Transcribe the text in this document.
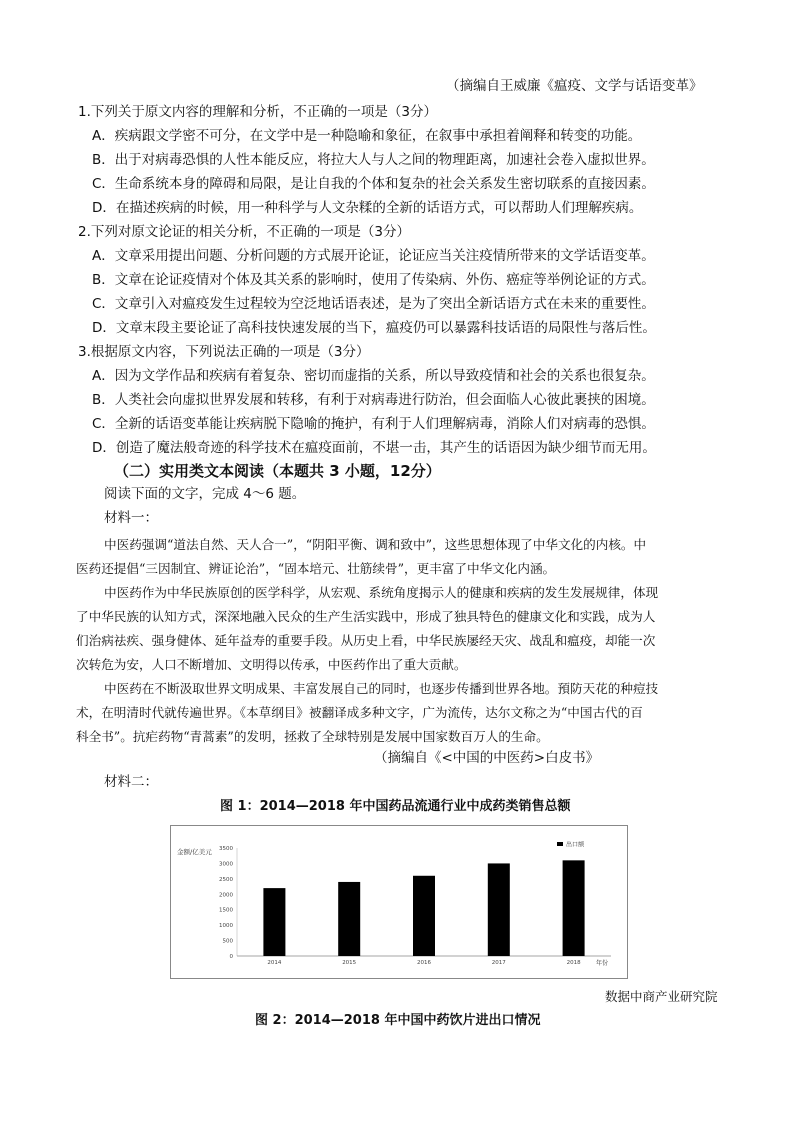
（摘编自王威廉《瘟疫、文学与话语变革》
1.下列关于原文内容的理解和分析，不正确的一项是（3分）
A．疾病跟文学密不可分，在文学中是一种隐喻和象征，在叙事中承担着阐释和转变的功能。
B．出于对病毒恐惧的人性本能反应，将拉大人与人之间的物理距离，加速社会卷入虚拟世界。
C．生命系统本身的障碍和局限，是让自我的个体和复杂的社会关系发生密切联系的直接因素。
D．在描述疾病的时候，用一种科学与人文杂糅的全新的话语方式，可以帮助人们理解疾病。
2.下列对原文论证的相关分析，不正确的一项是（3分）
A．文章采用提出问题、分析问题的方式展开论证，论证应当关注疫情所带来的文学话语变革。
B．文章在论证疫情对个体及其关系的影响时，使用了传染病、外伤、癌症等举例论证的方式。
C．文章引入对瘟疫发生过程较为空泛地话语表述，是为了突出全新话语方式在未来的重要性。
D．文章末段主要论证了高科技快速发展的当下，瘟疫仍可以暴露科技话语的局限性与落后性。
3.根据原文内容，下列说法正确的一项是（3分）
A．因为文学作品和疾病有着复杂、密切而虚指的关系，所以导致疫情和社会的关系也很复杂。
B．人类社会向虚拟世界发展和转移，有利于对病毒进行防治，但会面临人心彼此裹挟的困境。
C．全新的话语变革能让疾病脱下隐喻的掩护，有利于人们理解病毒，消除人们对病毒的恐惧。
D．创造了魔法般奇迹的科学技术在瘟疫面前，不堪一击，其产生的话语因为缺少细节而无用。
（二）实用类文本阅读（本题共 3 小题，12分）
阅读下面的文字，完成 4～6 题。
材料一：
中医药强调“道法自然、天人合一”，“阴阳平衡、调和致中”，这些思想体现了中华文化的内核。中
医药还提倡“三因制宜、辨证论治”，“固本培元、壮筋续骨”，更丰富了中华文化内涵。
中医药作为中华民族原创的医学科学，从宏观、系统角度揭示人的健康和疾病的发生发展规律，体现
了中华民族的认知方式，深深地融入民众的生产生活实践中，形成了独具特色的健康文化和实践，成为人
们治病祛疾、强身健体、延年益寿的重要手段。从历史上看，中华民族屡经天灾、战乱和瘟疫，却能一次
次转危为安，人口不断增加、文明得以传承，中医药作出了重大贡献。
中医药在不断汲取世界文明成果、丰富发展自己的同时，也逐步传播到世界各地。預防天花的种痘技
术，在明清时代就传遍世界。《本草纲目》被翻译成多种文字，广为流传，达尔文称之为“中国古代的百
科全书”。抗疟药物“青蒿素”的发明，拯救了全球特别是发展中国家数百万人的生命。
（摘编自《<中国的中医药>白皮书》
材料二：
图 1：2014—2018 年中国药品流通行业中成药类销售总额
金额/亿美元
0
500
1000
1500
2000
2500
3000
3500
2014	2015	2016	2017	2018
出口额
年份
数据中商产业研究院
图 2：2014—2018 年中国中药饮片进出口情况
